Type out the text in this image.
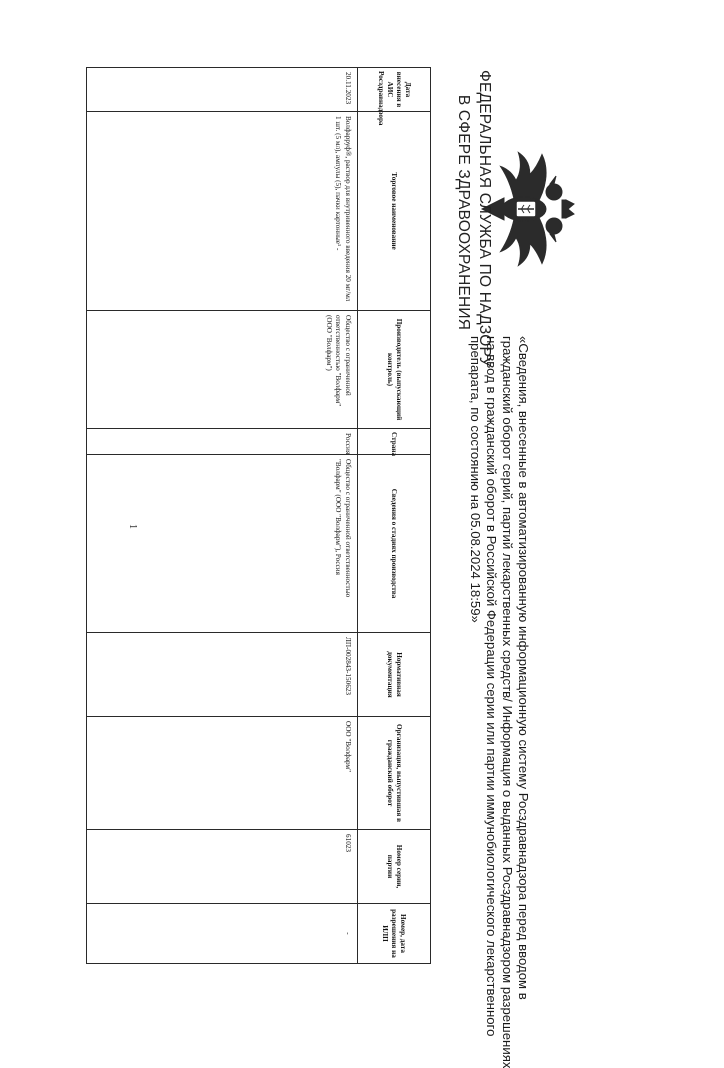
ФЕДЕРАЛЬНАЯ СЛУЖБА ПО НАДЗОРУ
В СФЕРЕ ЗДРАВООХРАНЕНИЯ
«Сведения, внесенные в автоматизированную информационную систему Росздравнадзора перед вводом в
гражданский оборот серий, партий лекарственных средств/ Информация о выданных Росздравнадзором разрешениях
на ввод в гражданский оборот в Российской Федерации серии или партии иммунобиологического лекарственного
препарата, по состоянию на 05.08.2024 18:59»
Дата внесения в АИС Росздравнадзора	Торговое наименование	Производитель (выпускающий контроль)	Страна	Сведения о стадиях производства	Нормативная документация	Организация, выпустившая в гражданский оборот	Номер серии, партии	Номер, дата разрешения на ИЛП
20.11.2023	Волфарруф®, раствор для внутривенного введения 20 мг/мл 1 шт. (5 мл), ампулы (5), пачки картонные¹ -	Общество с ограниченной ответственностью "Волфарм" (ООО "Волфарм")	Россия	Общество с ограниченной ответственностью "Волфарм" (ООО "Волфарм"), Россия	ЛП-002843-150623	ООО "Волфарм"	61023	-
1
